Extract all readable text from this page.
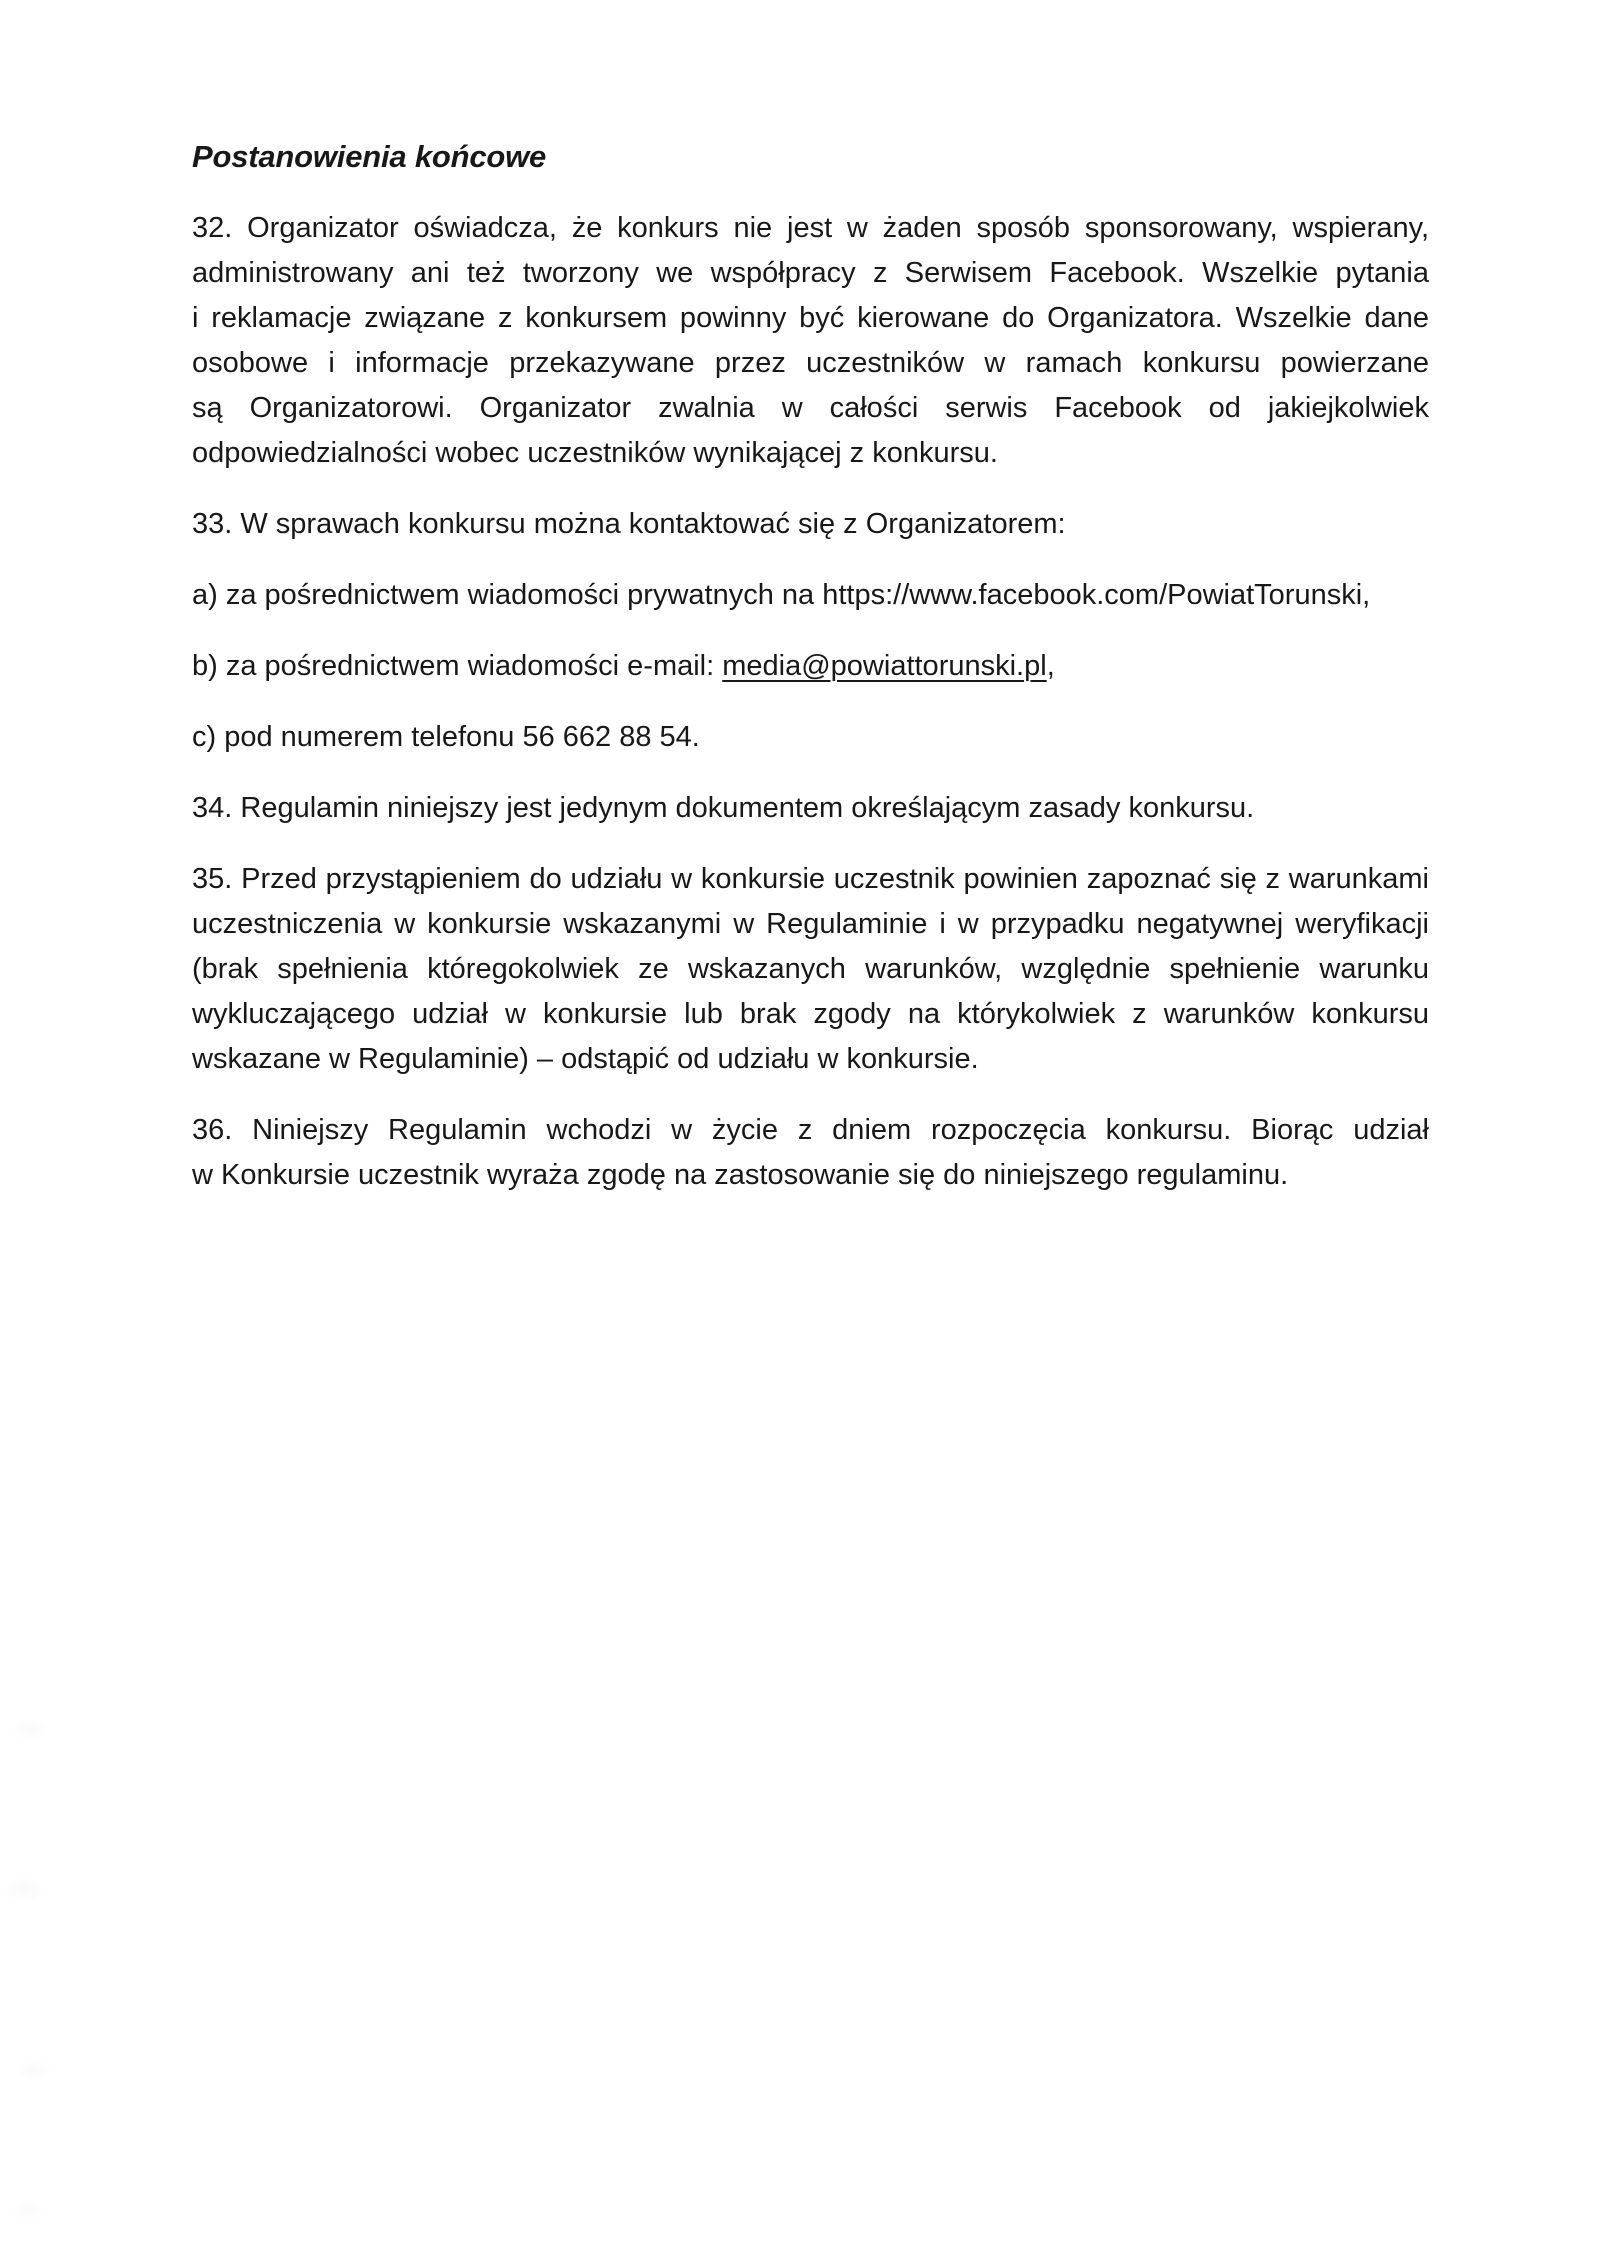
Postanowienia końcowe
32. Organizator oświadcza, że konkurs nie jest w żaden sposób sponsorowany, wspierany,
administrowany ani też tworzony we współpracy z Serwisem Facebook. Wszelkie pytania
i reklamacje związane z konkursem powinny być kierowane do Organizatora. Wszelkie dane
osobowe i informacje przekazywane przez uczestników w ramach konkursu powierzane
są Organizatorowi. Organizator zwalnia w całości serwis Facebook od jakiejkolwiek
odpowiedzialności wobec uczestników wynikającej z konkursu.
33. W sprawach konkursu można kontaktować się z Organizatorem:
a) za pośrednictwem wiadomości prywatnych na https://www.facebook.com/PowiatTorunski,
b) za pośrednictwem wiadomości e-mail: media@powiattorunski.pl,
c) pod numerem telefonu 56 662 88 54.
34. Regulamin niniejszy jest jedynym dokumentem określającym zasady konkursu.
35. Przed przystąpieniem do udziału w konkursie uczestnik powinien zapoznać się z warunkami
uczestniczenia w konkursie wskazanymi w Regulaminie i w przypadku negatywnej weryfikacji
(brak spełnienia któregokolwiek ze wskazanych warunków, względnie spełnienie warunku
wykluczającego udział w konkursie lub brak zgody na którykolwiek z warunków konkursu
wskazane w Regulaminie) – odstąpić od udziału w konkursie.
36. Niniejszy Regulamin wchodzi w życie z dniem rozpoczęcia konkursu. Biorąc udział
w Konkursie uczestnik wyraża zgodę na zastosowanie się do niniejszego regulaminu.
